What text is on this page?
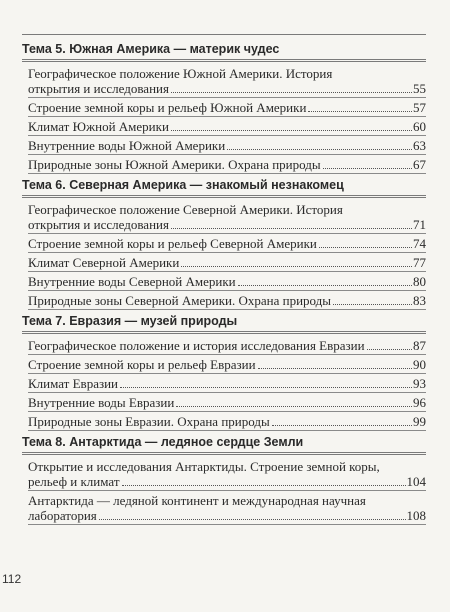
Тема 5. Южная Америка — материк чудес
Географическое положение Южной Америки. История
открытия и исследования	55
Строение земной коры и рельеф Южной Америки	57
Климат Южной Америки	60
Внутренние воды Южной Америки	63
Природные зоны Южной Америки. Охрана природы	67
Тема 6. Северная Америка — знакомый незнакомец
Географическое положение Северной Америки. История
открытия и исследования	71
Строение земной коры и рельеф Северной Америки	74
Климат Северной Америки	77
Внутренние воды Северной Америки	80
Природные зоны Северной Америки. Охрана природы	83
Тема 7. Евразия — музей природы
Географическое положение и история исследования Евразии	87
Строение земной коры и рельеф Евразии	90
Климат Евразии	93
Внутренние воды Евразии	96
Природные зоны Евразии. Охрана природы	99
Тема 8. Антарктида — ледяное сердце Земли
Открытие и исследования Антарктиды. Строение земной коры,
рельеф и климат	104
Антарктида — ледяной континент и международная научная
лаборатория	108
112
